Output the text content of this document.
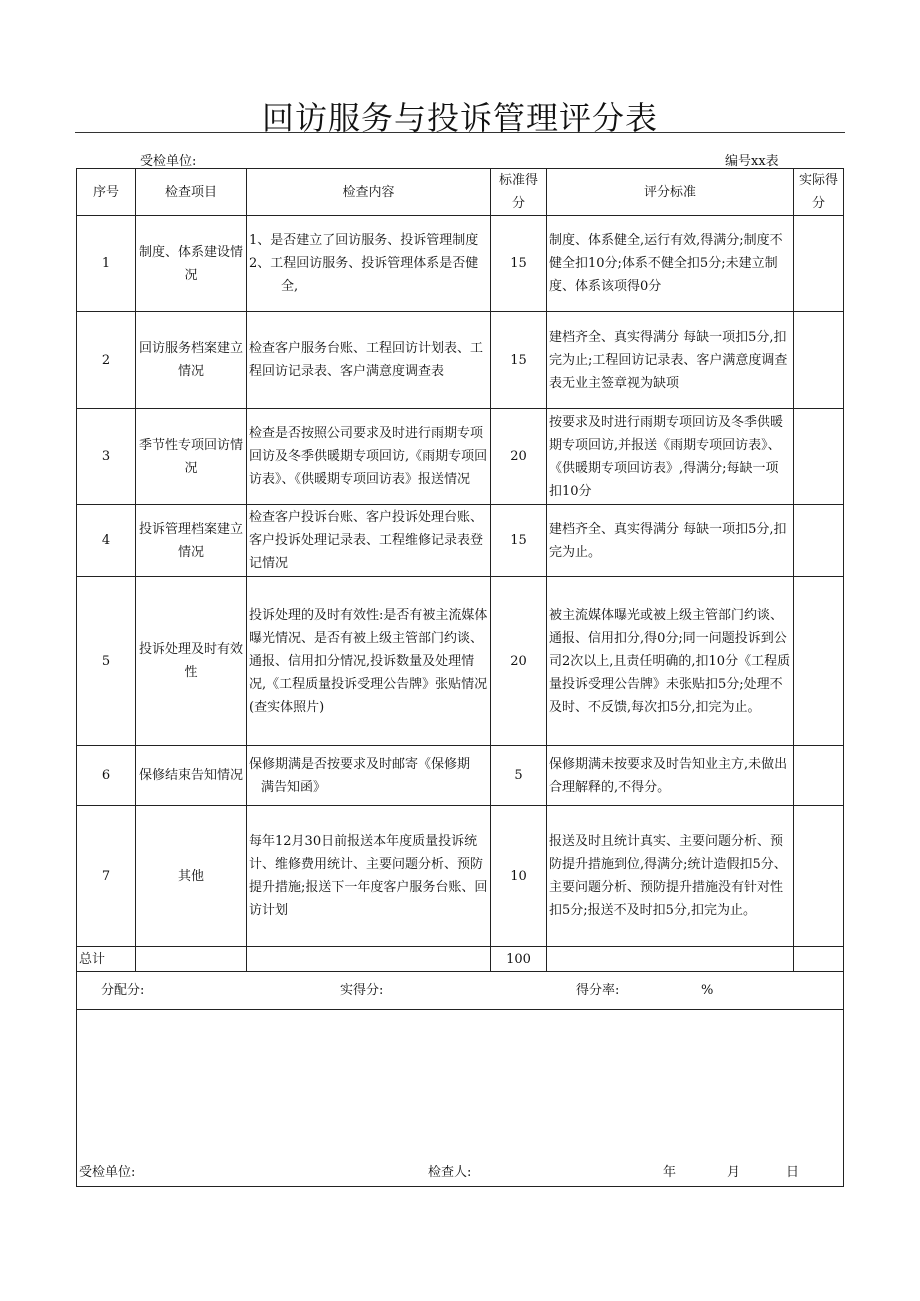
回访服务与投诉管理评分表
受检单位:	编号xx表
序号	检查项目	检查内容	标准得分	评分标准	实际得分
1	制度、体系建设情况	1、是否建立了回访服务、投诉管理制度
2、工程回访服务、投诉管理体系是否健
全,	15	制度、体系健全,运行有效,得满分;制度不健全扣10分;体系不健全扣5分;未建立制度、体系该项得0分	
2	回访服务档案建立情况	检查客户服务台账、工程回访计划表、工程回访记录表、客户满意度调查表	15	建档齐全、真实得满分 每缺一项扣5分,扣完为止;工程回访记录表、客户满意度调查表无业主签章视为缺项	
3	季节性专项回访情况	检查是否按照公司要求及时进行雨期专项回访及冬季供暖期专项回访,《雨期专项回访表》、《供暖期专项回访表》报送情况	20	按要求及时进行雨期专项回访及冬季供暖期专项回访,并报送《雨期专项回访表》、《供暖期专项回访表》,得满分;每缺一项扣10分	
4	投诉管理档案建立情况	检查客户投诉台账、客户投诉处理台账、客户投诉处理记录表、工程维修记录表登记情况	15	建档齐全、真实得满分 每缺一项扣5分,扣完为止。	
5	投诉处理及时有效性	投诉处理的及时有效性:是否有被主流媒体曝光情况、是否有被上级主管部门约谈、通报、信用扣分情况,投诉数量及处理情况,《工程质量投诉受理公告牌》张贴情况(查实体照片)	20	被主流媒体曝光或被上级主管部门约谈、通报、信用扣分,得0分;同一问题投诉到公司2次以上,且责任明确的,扣10分《工程质量投诉受理公告牌》未张贴扣5分;处理不及时、不反馈,每次扣5分,扣完为止。	
6	保修结束告知情况	保修期满是否按要求及时邮寄《保修期
满告知函》	5	保修期满未按要求及时告知业主方,未做出合理解释的,不得分。	
7	其他	每年12月30日前报送本年度质量投诉统计、维修费用统计、主要问题分析、预防提升措施;报送下一年度客户服务台账、回访计划	10	报送及时且统计真实、主要问题分析、预防提升措施到位,得满分;统计造假扣5分、主要问题分析、预防提升措施没有针对性扣5分;报送不及时扣5分,扣完为止。	
总计			100		

分配分: 实得分: 得分率: %					

受检单位: 检查人: 年 月 日					
